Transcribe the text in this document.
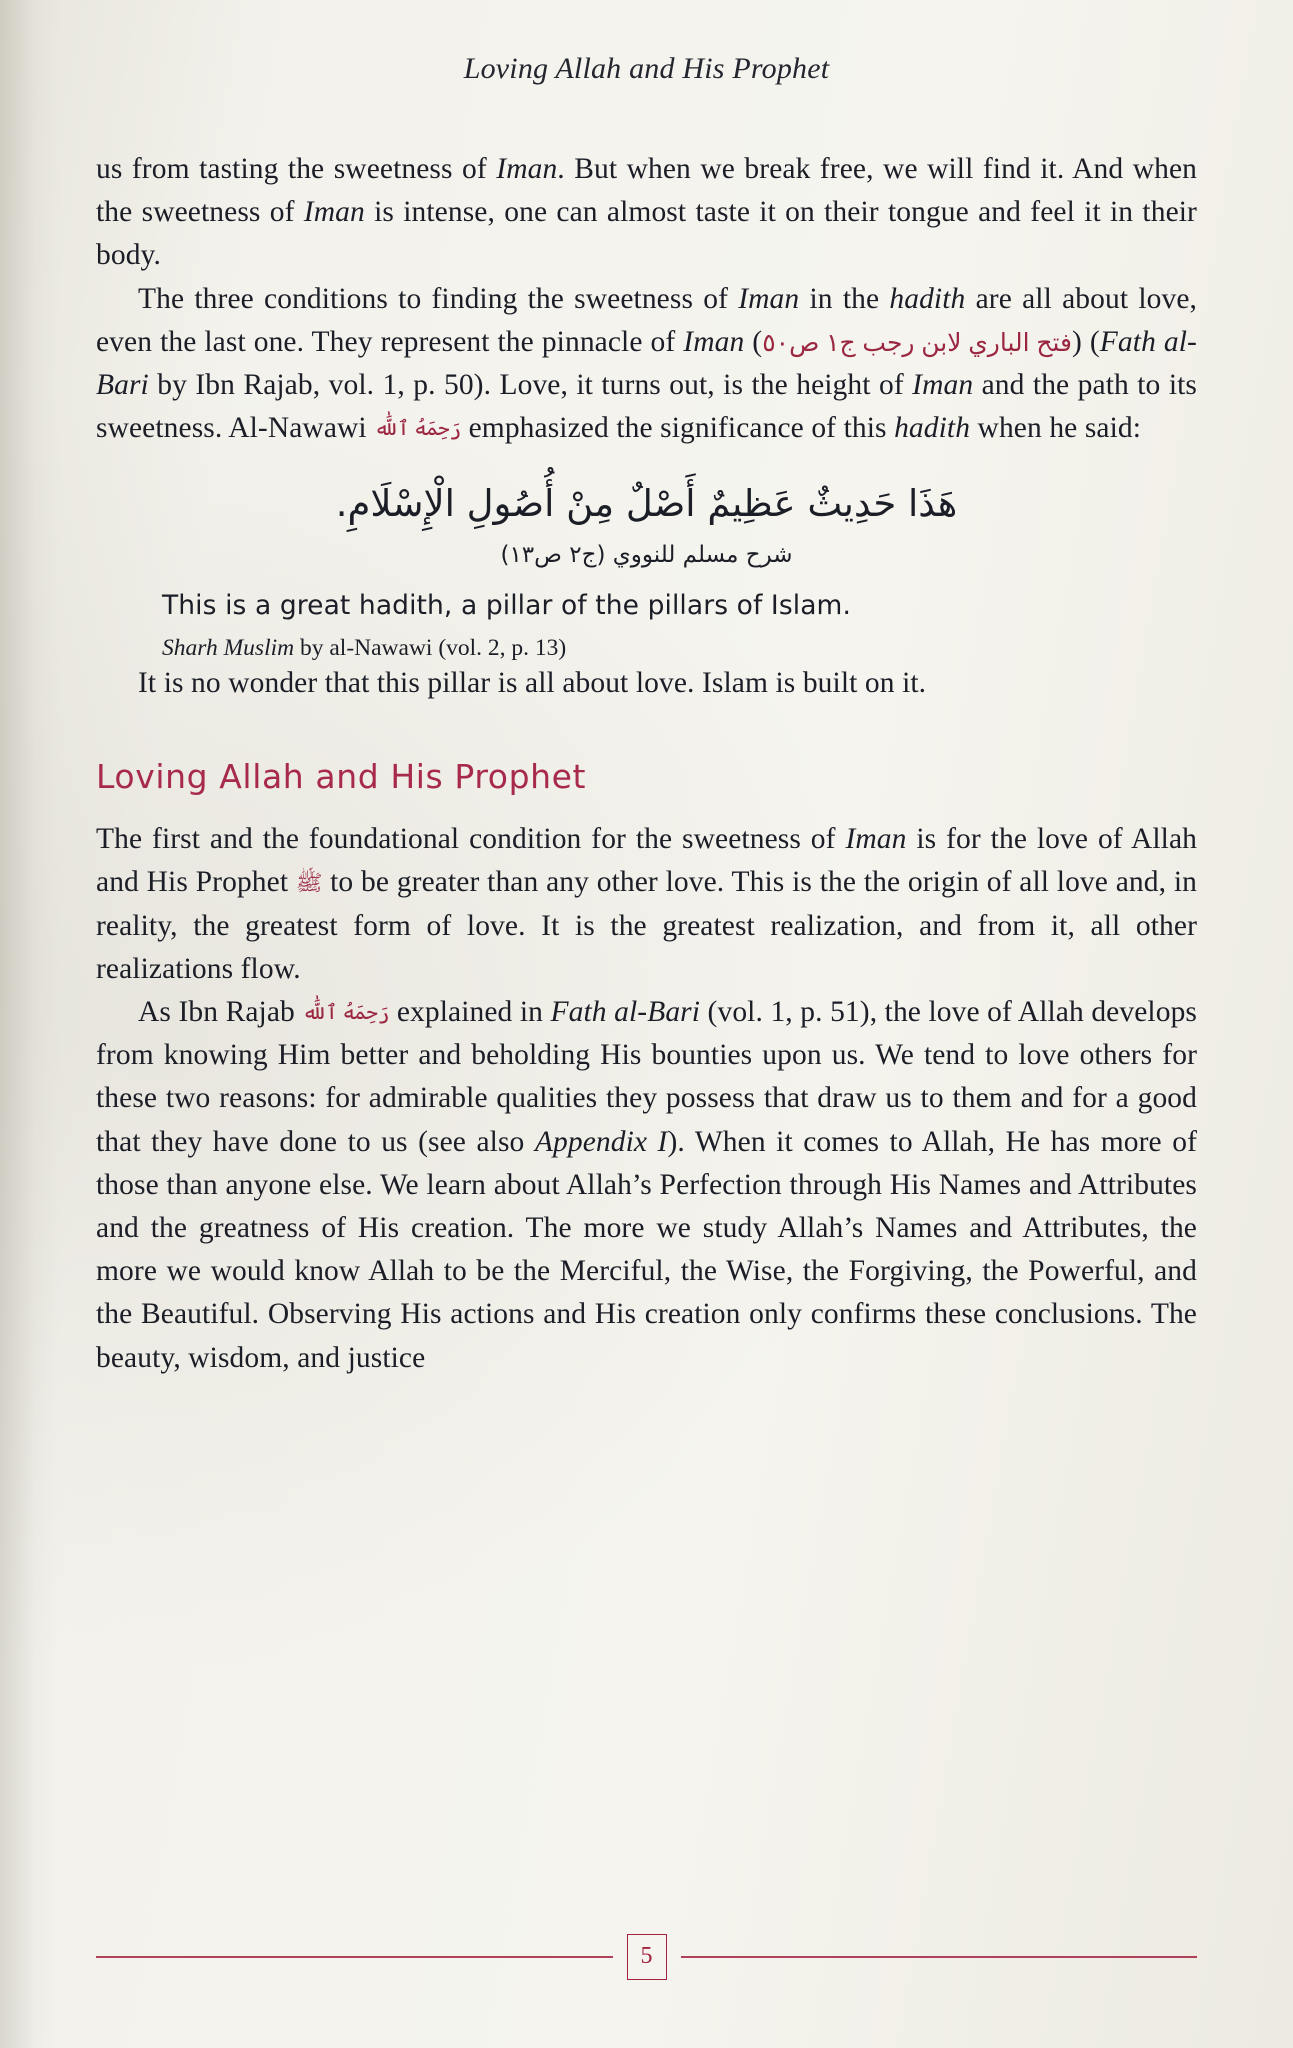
Loving Allah and His Prophet

us from tasting the sweetness of Iman. But when we break free, we will find it. And when the sweetness of Iman is intense, one can almost taste it on their tongue and feel it in their body.

The three conditions to finding the sweetness of Iman in the hadith are all about love, even the last one. They represent the pinnacle of Iman (فتح الباري لابن رجب ج١ ص٥٠) (Fath al-Bari by Ibn Rajab, vol. 1, p. 50). Love, it turns out, is the height of Iman and the path to its sweetness. Al-Nawawi رَحِمَهُ ٱللَّٰه emphasized the significance of this hadith when he said:

هَذَا حَدِيثٌ عَظِيمٌ أَصْلٌ مِنْ أُصُولِ الْإِسْلَامِ.
شرح مسلم للنووي (ج٢ ص١٣)
This is a great hadith, a pillar of the pillars of Islam.
Sharh Muslim by al-Nawawi (vol. 2, p. 13)

It is no wonder that this pillar is all about love. Islam is built on it.

Loving Allah and His Prophet

The first and the foundational condition for the sweetness of Iman is for the love of Allah and His Prophet ﷺ to be greater than any other love. This is the the origin of all love and, in reality, the greatest form of love. It is the greatest realization, and from it, all other realizations flow.

As Ibn Rajab رَحِمَهُ ٱللَّٰه explained in Fath al-Bari (vol. 1, p. 51), the love of Allah develops from knowing Him better and beholding His bounties upon us. We tend to love others for these two reasons: for admirable qualities they possess that draw us to them and for a good that they have done to us (see also Appendix I). When it comes to Allah, He has more of those than anyone else. We learn about Allah’s Perfection through His Names and Attributes and the greatness of His creation. The more we study Allah’s Names and Attributes, the more we would know Allah to be the Merciful, the Wise, the Forgiving, the Powerful, and the Beautiful. Observing His actions and His creation only confirms these conclusions. The beauty, wisdom, and justice

5
